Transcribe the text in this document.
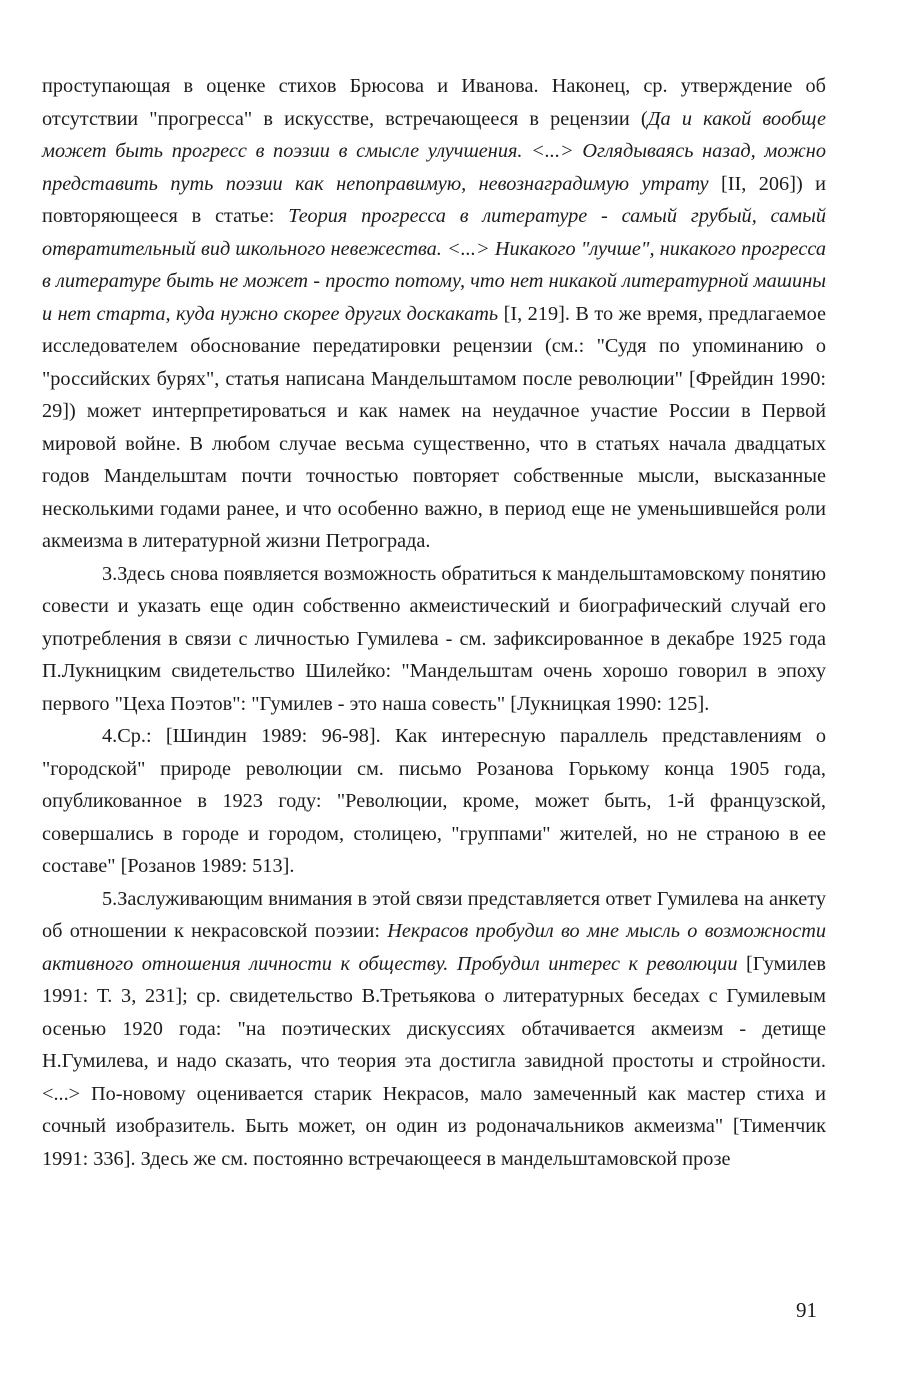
проступающая в оценке стихов Брюсова и Иванова. Наконец, ср. утверждение об отсутствии "прогресса" в искусстве, встречающееся в рецензии (Да и какой вообще может быть прогресс в поэзии в смысле улучшения. <...> Оглядываясь назад, можно представить путь поэзии как непоправимую, невознаградимую утрату [II, 206]) и повторяющееся в статье: Теория прогресса в литературе - самый грубый, самый отвратительный вид школьного невежества. <...> Никакого "лучше", никакого прогресса в литературе быть не может - просто потому, что нет никакой литературной машины и нет старта, куда нужно скорее других доскакать [I, 219]. В то же время, предлагаемое исследователем обоснование передатировки рецензии (см.: "Судя по упоминанию о "российских бурях", статья написана Мандельштамом после революции" [Фрейдин 1990: 29]) может интерпретироваться и как намек на неудачное участие России в Первой мировой войне. В любом случае весьма существенно, что в статьях начала двадцатых годов Мандельштам почти точностью повторяет собственные мысли, высказанные несколькими годами ранее, и что особенно важно, в период еще не уменьшившейся роли акмеизма в литературной жизни Петрограда.

3.Здесь снова появляется возможность обратиться к мандельштамовскому понятию совести и указать еще один собственно акмеистический и биографический случай его употребления в связи с личностью Гумилева - см. зафиксированное в декабре 1925 года П.Лукницким свидетельство Шилейко: "Мандельштам очень хорошо говорил в эпоху первого "Цеха Поэтов": "Гумилев - это наша совесть" [Лукницкая 1990: 125].

4.Ср.: [Шиндин 1989: 96-98]. Как интересную параллель представлениям о "городской" природе революции см. письмо Розанова Горькому конца 1905 года, опубликованное в 1923 году: "Революции, кроме, может быть, 1-й французской, совершались в городе и городом, столицею, "группами" жителей, но не страною в ее составе" [Розанов 1989: 513].

5.Заслуживающим внимания в этой связи представляется ответ Гумилева на анкету об отношении к некрасовской поэзии: Некрасов пробудил во мне мысль о возможности активного отношения личности к обществу. Пробудил интерес к революции [Гумилев 1991: Т. 3, 231]; ср. свидетельство В.Третьякова о литературных беседах с Гумилевым осенью 1920 года: "на поэтических дискуссиях обтачивается акмеизм - детище Н.Гумилева, и надо сказать, что теория эта достигла завидной простоты и стройности. <...> По-новому оценивается старик Некрасов, мало замеченный как мастер стиха и сочный изобразитель. Быть может, он один из родоначальников акмеизма" [Тименчик 1991: 336]. Здесь же см. постоянно встречающееся в мандельштамовской прозе

91
